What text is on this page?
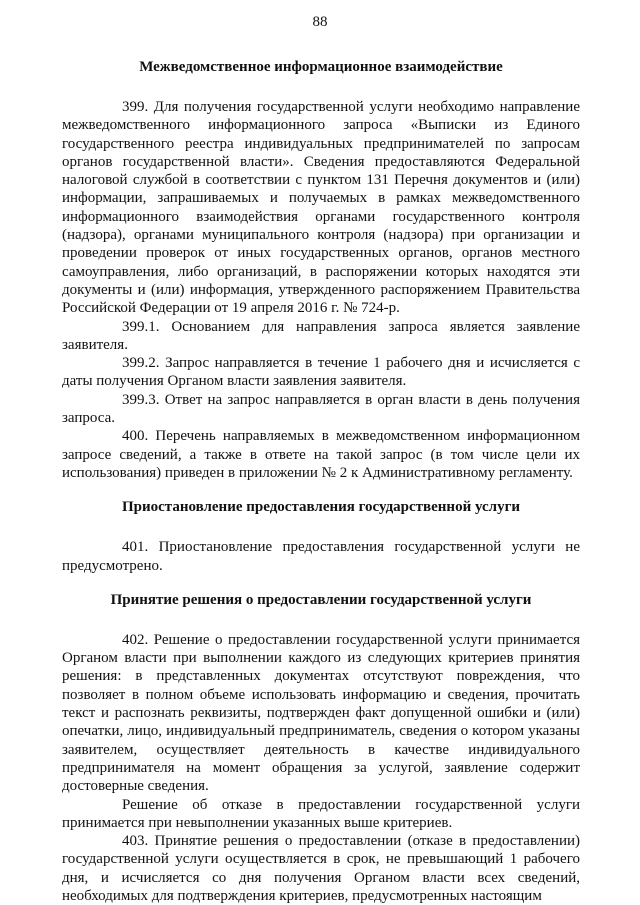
88
Межведомственное информационное взаимодействие

399. Для получения государственной услуги необходимо направление межведомственного информационного запроса «Выписки из Единого государственного реестра индивидуальных предпринимателей по запросам органов государственной власти». Сведения предоставляются Федеральной налоговой службой в соответствии с пунктом 131 Перечня документов и (или) информации, запрашиваемых и получаемых в рамках межведомственного информационного взаимодействия органами государственного контроля (надзора), органами муниципального контроля (надзора) при организации и проведении проверок от иных государственных органов, органов местного самоуправления, либо организаций, в распоряжении которых находятся эти документы и (или) информация, утвержденного распоряжением Правительства Российской Федерации от 19 апреля 2016 г. № 724-р.

399.1. Основанием для направления запроса является заявление заявителя.

399.2. Запрос направляется в течение 1 рабочего дня и исчисляется с даты получения Органом власти заявления заявителя.

399.3. Ответ на запрос направляется в орган власти в день получения запроса.

400. Перечень направляемых в межведомственном информационном запросе сведений, а также в ответе на такой запрос (в том числе цели их использования) приведен в приложении № 2 к Административному регламенту.

Приостановление предоставления государственной услуги

401. Приостановление предоставления государственной услуги не предусмотрено.

Принятие решения о предоставлении государственной услуги

402. Решение о предоставлении государственной услуги принимается Органом власти при выполнении каждого из следующих критериев принятия решения: в представленных документах отсутствуют повреждения, что позволяет в полном объеме использовать информацию и сведения, прочитать текст и распознать реквизиты, подтвержден факт допущенной ошибки и (или) опечатки, лицо, индивидуальный предприниматель, сведения о котором указаны заявителем, осуществляет деятельность в качестве индивидуального предпринимателя на момент обращения за услугой, заявление содержит достоверные сведения.

Решение об отказе в предоставлении государственной услуги принимается при невыполнении указанных выше критериев.

403. Принятие решения о предоставлении (отказе в предоставлении) государственной услуги осуществляется в срок, не превышающий 1 рабочего дня, и исчисляется со дня получения Органом власти всех сведений, необходимых для подтверждения критериев, предусмотренных настоящим
